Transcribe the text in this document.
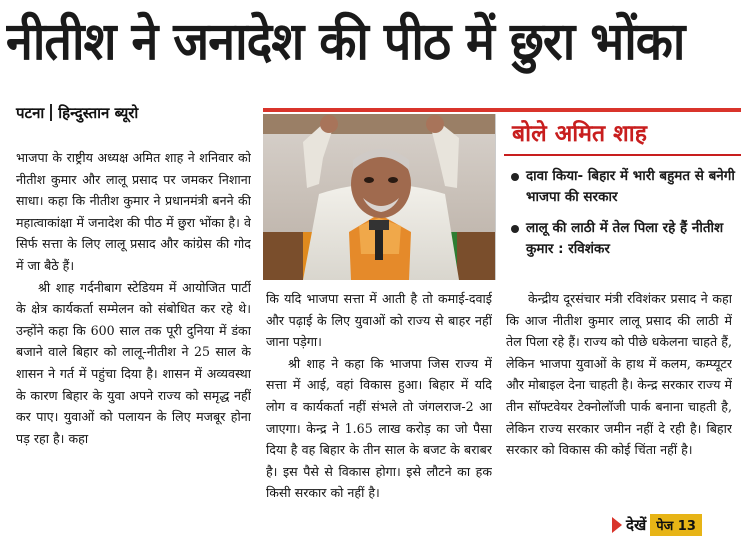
नीतीश ने जनादेश की पीठ में छुरा भोंका
पटना हिन्दुस्तान ब्यूरो
बोले अमित शाह
दावा किया- बिहार में भारी बहुमत से बनेगी भाजपा की सरकार
लालू की लाठी में तेल पिला रहे हैं नीतीश कुमार : रविशंकर

भाजपा के राष्ट्रीय अध्यक्ष अमित शाह ने शनिवार को नीतीश कुमार और लालू प्रसाद पर जमकर निशाना साधा। कहा कि नीतीश कुमार ने प्रधानमंत्री बनने की महात्वाकांक्षा में जनादेश की पीठ में छुरा भोंका है। वे सिर्फ सत्ता के लिए लालू प्रसाद और कांग्रेस की गोद में जा बैठे हैं।

श्री शाह गर्दनीबाग स्टेडियम में आयोजित पार्टी के क्षेत्र कार्यकर्ता सम्मेलन को संबोधित कर रहे थे। उन्होंने कहा कि 600 साल तक पूरी दुनिया में डंका बजाने वाले बिहार को लालू-नीतीश ने 25 साल के शासन ने गर्त में पहुंचा दिया है। शासन में अव्यवस्था के कारण बिहार के युवा अपने राज्य को समृद्ध नहीं कर पाए। युवाओं को पलायन के लिए मजबूर होना पड़ रहा है। कहा

कि यदि भाजपा सत्ता में आती है तो कमाई-दवाई और पढ़ाई के लिए युवाओं को राज्य से बाहर नहीं जाना पड़ेगा।

श्री शाह ने कहा कि भाजपा जिस राज्य में सत्ता में आई, वहां विकास हुआ। बिहार में यदि लोग व कार्यकर्ता नहीं संभले तो जंगलराज-2 आ जाएगा। केन्द्र ने 1.65 लाख करोड़ का जो पैसा दिया है वह बिहार के तीन साल के बजट के बराबर है। इस पैसे से विकास होगा। इसे लौटने का हक किसी सरकार को नहीं है।

केन्द्रीय दूरसंचार मंत्री रविशंकर प्रसाद ने कहा कि आज नीतीश कुमार लालू प्रसाद की लाठी में तेल पिला रहे हैं। राज्य को पीछे धकेलना चाहते हैं, लेकिन भाजपा युवाओं के हाथ में कलम, कम्प्यूटर और मोबाइल देना चाहती है। केन्द्र सरकार राज्य में तीन सॉफ्टवेयर टेक्नोलॉजी पार्क बनाना चाहती है, लेकिन राज्य सरकार जमीन नहीं दे रही है। बिहार सरकार को विकास की कोई चिंता नहीं है।

देखें पेज 13
